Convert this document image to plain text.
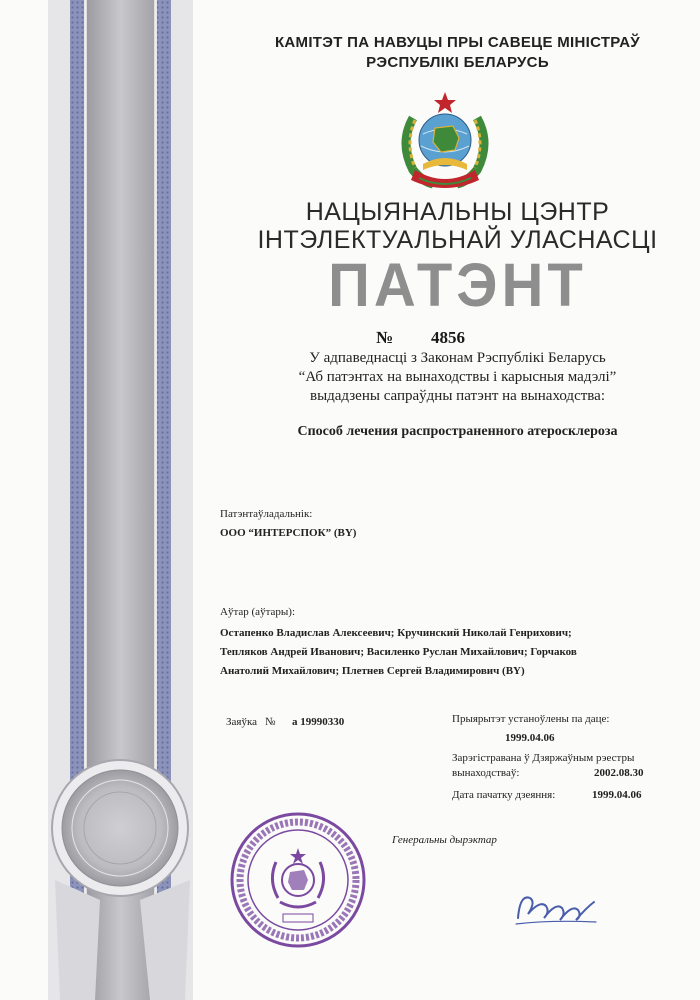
КАМІТЭТ ПА НАВУЦЫ ПРЫ САВЕЦЕ МІНІСТРАЎ
РЭСПУБЛІКІ БЕЛАРУСЬ
НАЦЫЯНАЛЬНЫ ЦЭНТР
ІНТЭЛЕКТУАЛЬНАЙ УЛАСНАСЦІ
ПАТЭНТ
№ 4856
У адпаведнасці з Законам Рэспублікі Беларусь
“Аб патэнтах на вынаходствы і карысныя мадэлі”
выдадзены сапраўдны патэнт на вынаходства:
Способ лечения распространенного атеросклероза
Патэнтаўладальнік:
ООО “ИНТЕРСПОК” (BY)
Аўтар (аўтары):
Остапенко Владислав Алексеевич; Кручинский Николай Генрихович;
Тепляков Андрей Иванович; Василенко Руслан Михайлович; Горчаков
Анатолий Михайлович; Плетнев Сергей Владимирович (BY)
Заяўка № a 19990330	Прыярытэт устаноўлены па даце:
1999.04.06
Зарэгістравана ў Дзяржаўным рэестры
вынаходстваў:	2002.08.30
Дата пачатку дзеяння:	1999.04.06
Генеральны дырэктар
